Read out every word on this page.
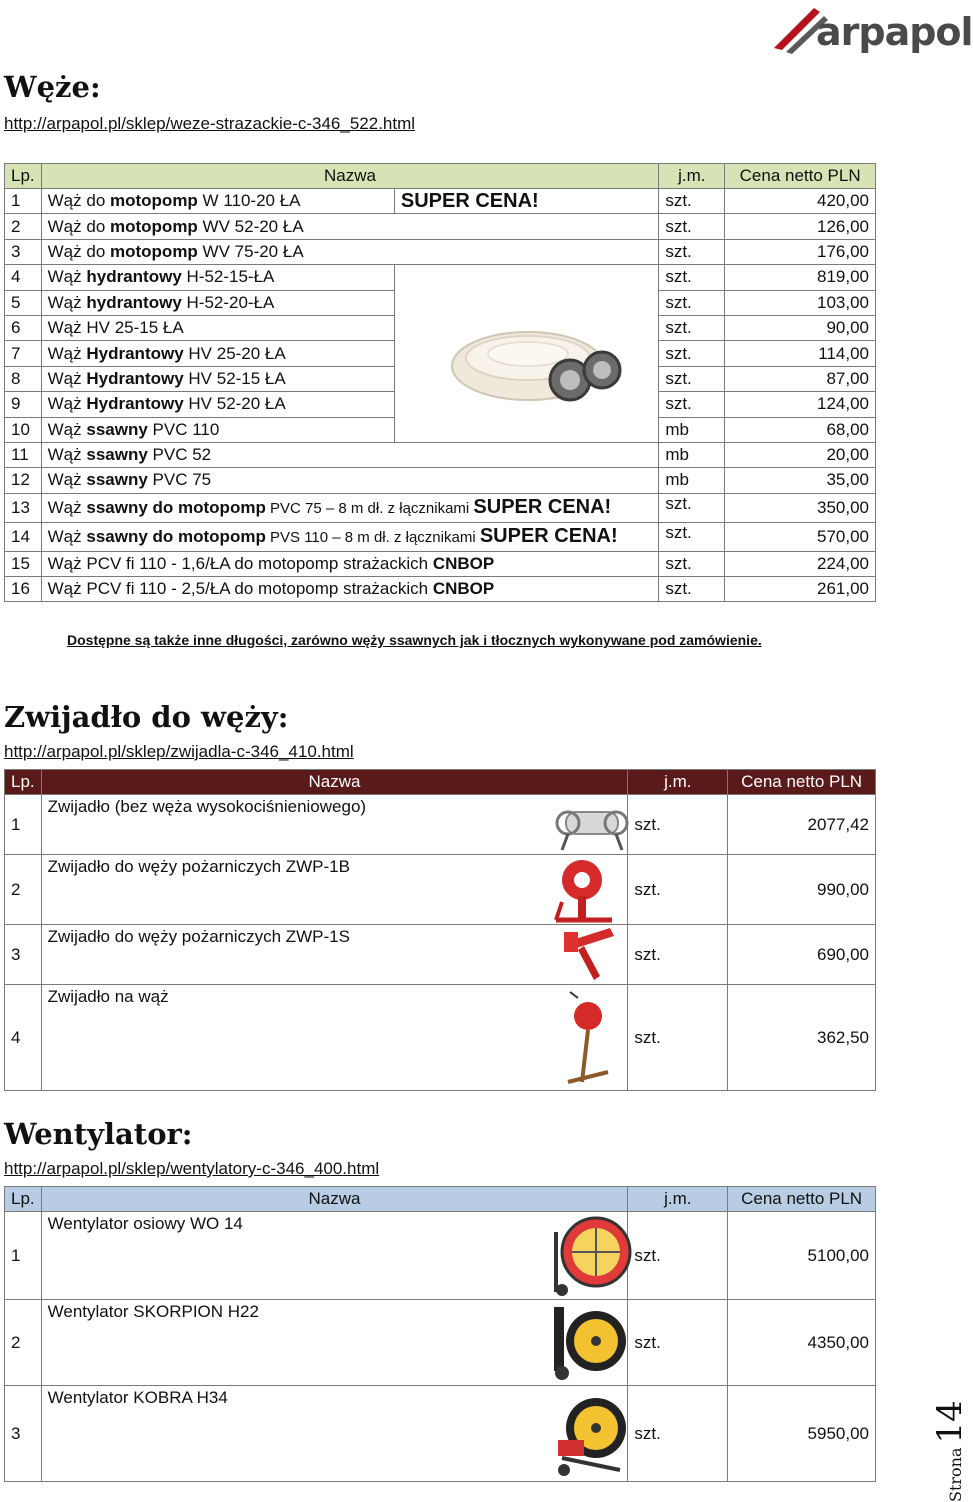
arpapol
Węże:
http://arpapol.pl/sklep/weze-strazackie-c-346_522.html
Lp.	Nazwa		j.m.	Cena netto PLN
1	Wąż do motopomp W 110-20 ŁA	SUPER CENA!	szt.	420,00
2	Wąż do motopomp WV 52-20 ŁA		szt.	126,00
3	Wąż do motopomp WV 75-20 ŁA		szt.	176,00
4	Wąż hydrantowy H-52-15-ŁA		szt.	819,00
5	Wąż hydrantowy H-52-20-ŁA		szt.	103,00
6	Wąż HV 25-15 ŁA		szt.	90,00
7	Wąż Hydrantowy HV 25-20 ŁA		szt.	114,00
8	Wąż Hydrantowy HV 52-15 ŁA		szt.	87,00
9	Wąż Hydrantowy HV 52-20 ŁA		szt.	124,00
10	Wąż ssawny PVC 110		mb	68,00
11	Wąż ssawny PVC 52		mb	20,00
12	Wąż ssawny PVC 75		mb	35,00
13	Wąż ssawny do motopomp PVC 75 – 8 m dł. z łącznikami SUPER CENA!		szt.	350,00
14	Wąż ssawny do motopomp PVS 110 – 8 m dł. z łącznikami SUPER CENA!		szt.	570,00
15	Wąż PCV fi 110 - 1,6/ŁA do motopomp strażackich CNBOP		szt.	224,00
16	Wąż PCV fi 110 - 2,5/ŁA do motopomp strażackich CNBOP		szt.	261,00
Dostępne są także inne długości, zarówno węży ssawnych jak i tłocznych wykonywane pod zamówienie.
Zwijadło do węży:
http://arpapol.pl/sklep/zwijadla-c-346_410.html
Lp.	Nazwa	j.m.	Cena netto PLN
1	Zwijadło (bez węża wysokociśnieniowego)	szt.	2077,42
2	Zwijadło do węży pożarniczych ZWP-1B	szt.	990,00
3	Zwijadło do węży pożarniczych ZWP-1S	szt.	690,00
4	Zwijadło na wąż	szt.	362,50
Wentylator:
http://arpapol.pl/sklep/wentylatory-c-346_400.html
Lp.	Nazwa	j.m.	Cena netto PLN
1	Wentylator osiowy WO 14	szt.	5100,00
2	Wentylator SKORPION H22	szt.	4350,00
3	Wentylator KOBRA H34	szt.	5950,00
Strona14
